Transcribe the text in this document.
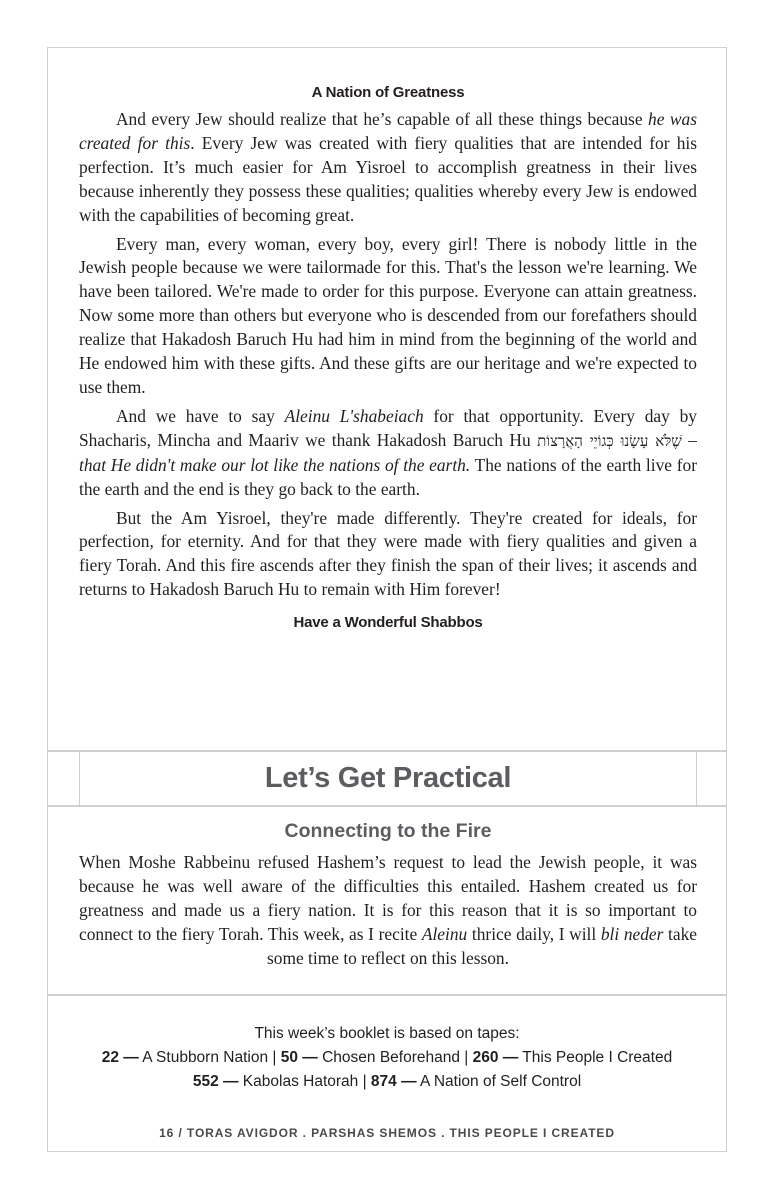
A Nation of Greatness

And every Jew should realize that he’s capable of all these things because he was created for this. Every Jew was created with fiery qualities that are intended for his perfection. It’s much easier for Am Yisroel to accomplish greatness in their lives because inherently they possess these qualities; qualities whereby every Jew is endowed with the capabilities of becoming great.

Every man, every woman, every boy, every girl! There is nobody little in the Jewish people because we were tailormade for this. That's the lesson we're learning. We have been tailored. We're made to order for this purpose. Everyone can attain greatness. Now some more than others but everyone who is descended from our forefathers should realize that Hakadosh Baruch Hu had him in mind from the beginning of the world and He endowed him with these gifts. And these gifts are our heritage and we're expected to use them.

And we have to say Aleinu L'shabeiach for that opportunity. Every day by Shacharis, Mincha and Maariv we thank Hakadosh Baruch Hu שֶׁלֹּא עָשָׂנוּ כְּגוֹיֵי הָאֲרָצוֹת – that He didn't make our lot like the nations of the earth. The nations of the earth live for the earth and the end is they go back to the earth.

But the Am Yisroel, they're made differently. They're created for ideals, for perfection, for eternity. And for that they were made with fiery qualities and given a fiery Torah. And this fire ascends after they finish the span of their lives; it ascends and returns to Hakadosh Baruch Hu to remain with Him forever!

Have a Wonderful Shabbos
Let’s Get Practical
Connecting to the Fire

When Moshe Rabbeinu refused Hashem’s request to lead the Jewish people, it was because he was well aware of the difficulties this entailed. Hashem created us for greatness and made us a fiery nation. It is for this reason that it is so important to connect to the fiery Torah. This week, as I recite Aleinu thrice daily, I will bli neder take some time to reflect on this lesson.

This week’s booklet is based on tapes:
22 — A Stubborn Nation | 50 — Chosen Beforehand | 260 — This People I Created
552 — Kabolas Hatorah | 874 — A Nation of Self Control
16 / TORAS AVIGDOR . PARSHAS SHEMOS . THIS PEOPLE I CREATED
